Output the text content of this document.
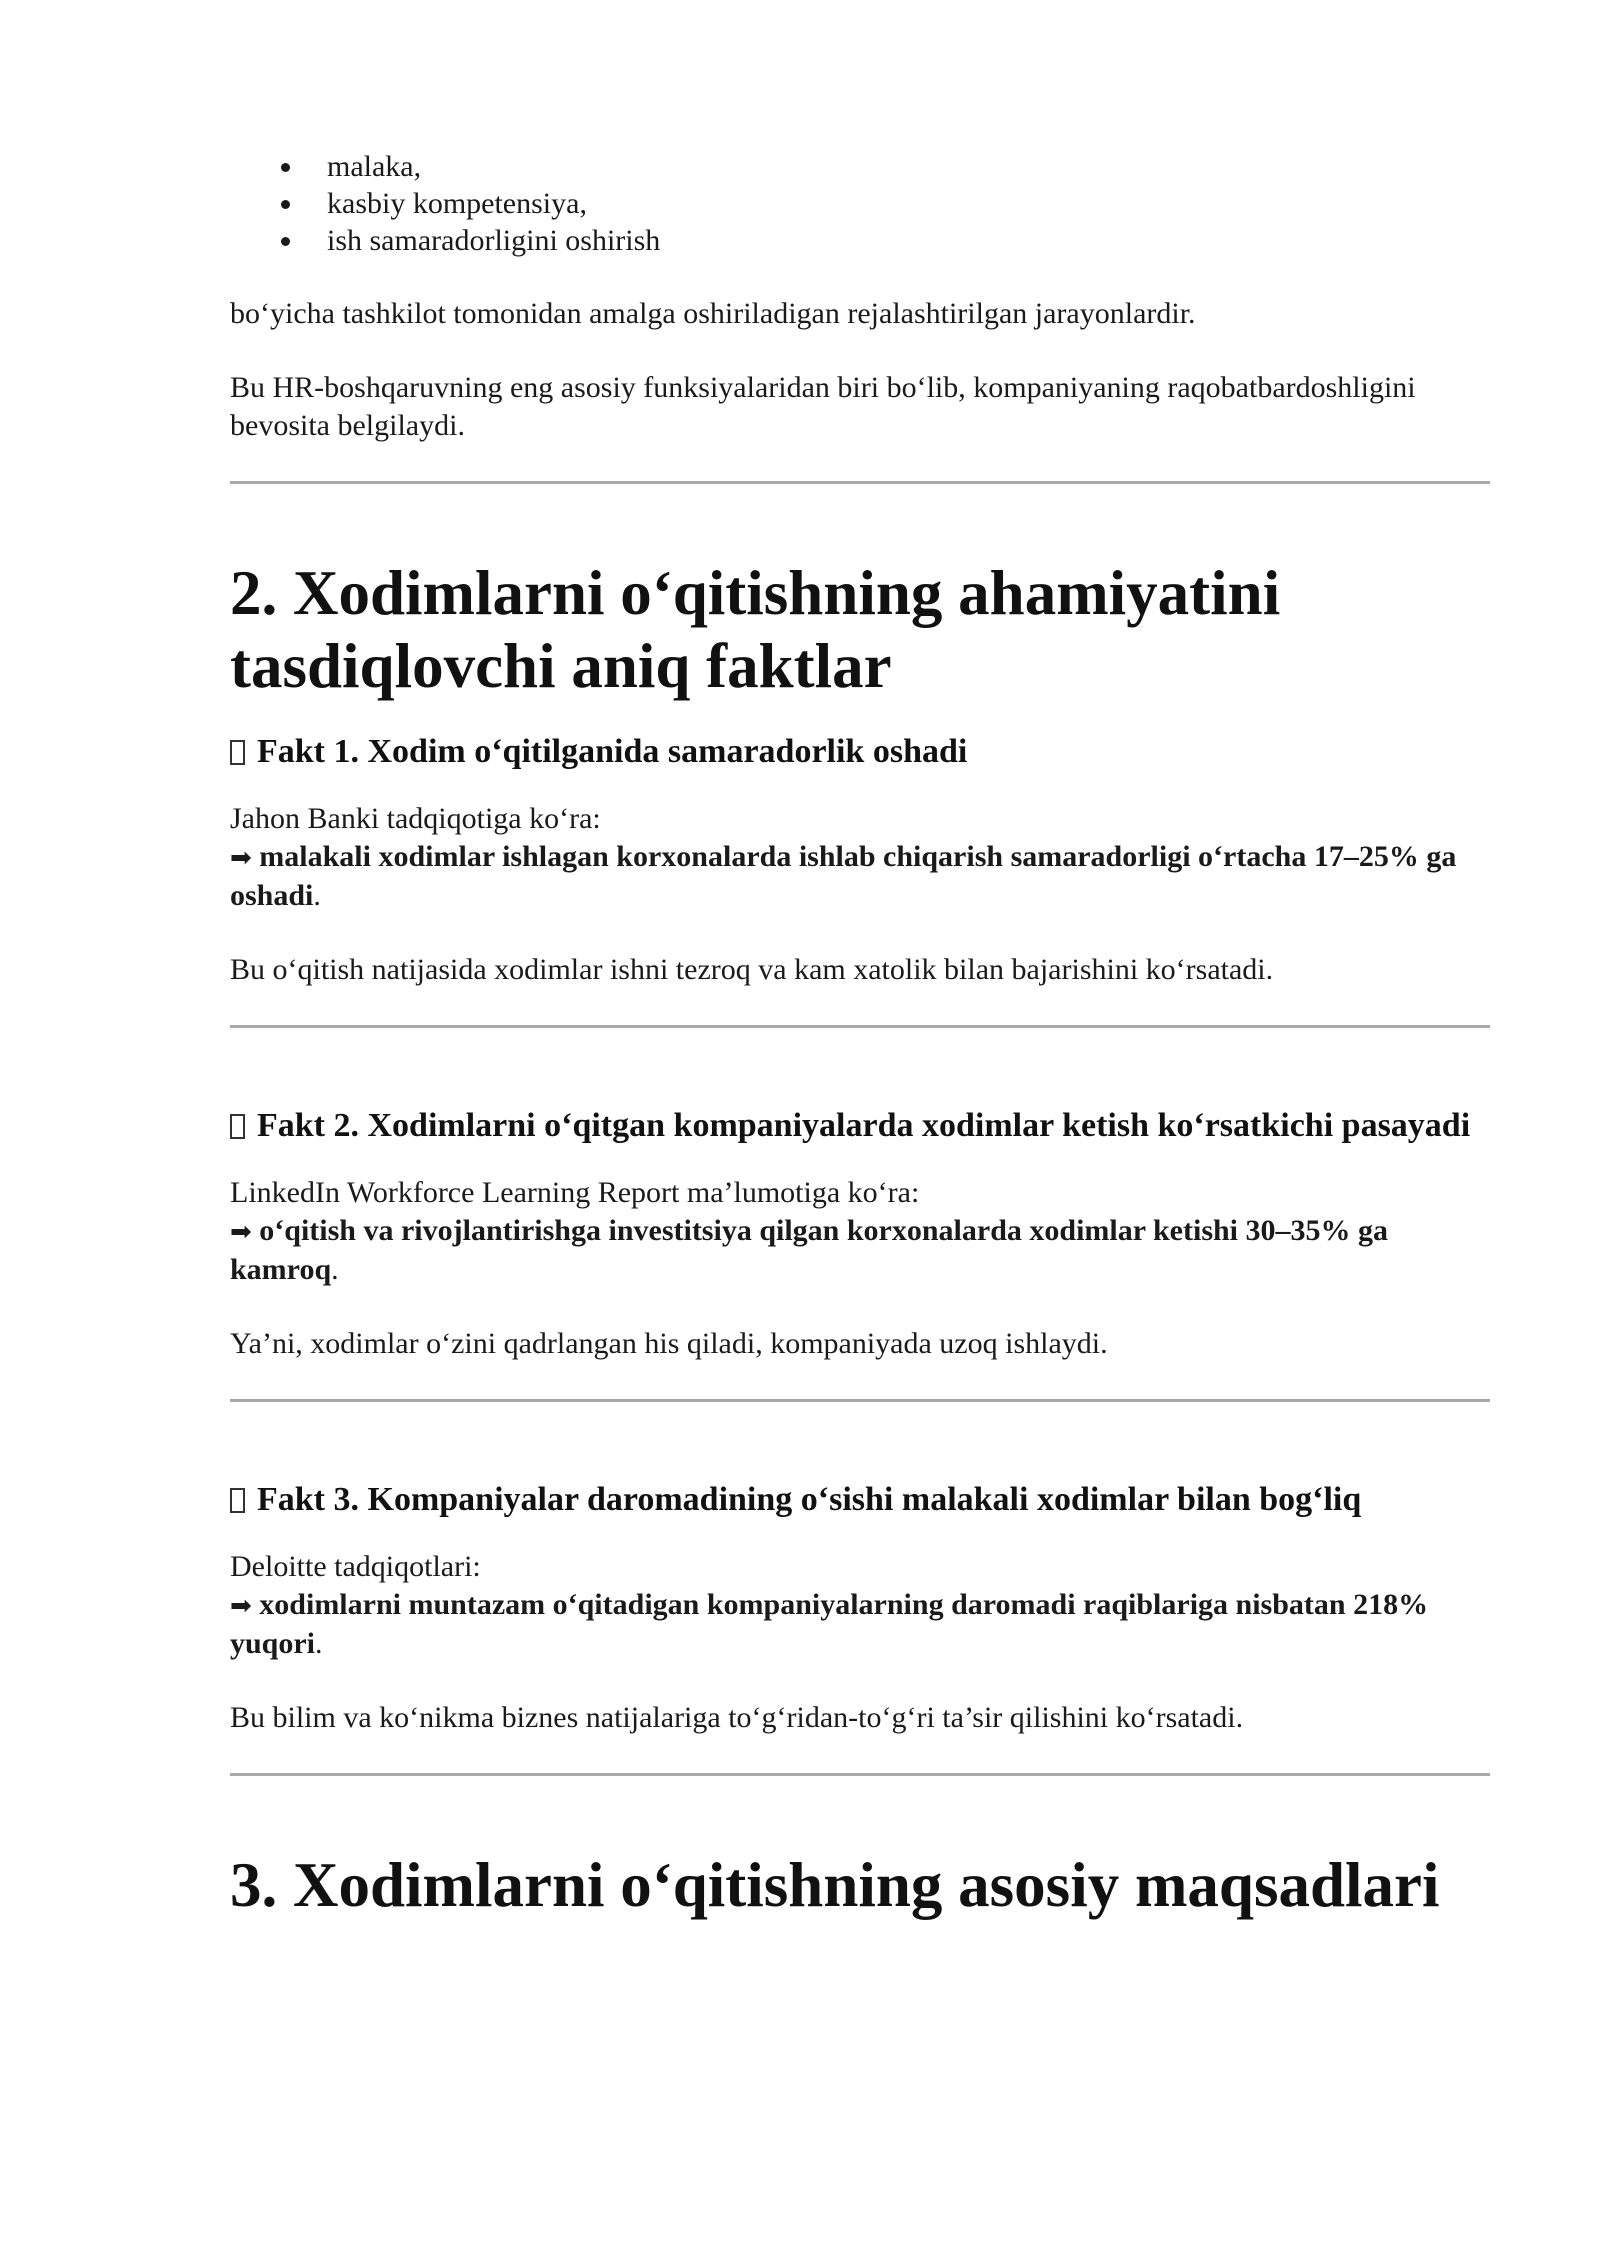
malaka,
kasbiy kompetensiya,
ish samaradorligini oshirish

bo‘yicha tashkilot tomonidan amalga oshiriladigan rejalashtirilgan jarayonlardir.

Bu HR-boshqaruvning eng asosiy funksiyalaridan biri bo‘lib, kompaniyaning raqobatbardoshligini bevosita belgilaydi.

2. Xodimlarni o‘qitishning ahamiyatini tasdiqlovchi aniq faktlar
Fakt 1. Xodim o‘qitilganida samaradorlik oshadi

Jahon Banki tadqiqotiga ko‘ra:

➡ malakali xodimlar ishlagan korxonalarda ishlab chiqarish samaradorligi o‘rtacha 17–25% ga oshadi.

Bu o‘qitish natijasida xodimlar ishni tezroq va kam xatolik bilan bajarishini ko‘rsatadi.

Fakt 2. Xodimlarni o‘qitgan kompaniyalarda xodimlar ketish ko‘rsatkichi pasayadi

LinkedIn Workforce Learning Report ma’lumotiga ko‘ra:

➡ o‘qitish va rivojlantirishga investitsiya qilgan korxonalarda xodimlar ketishi 30–35% ga kamroq.

Ya’ni, xodimlar o‘zini qadrlangan his qiladi, kompaniyada uzoq ishlaydi.

Fakt 3. Kompaniyalar daromadining o‘sishi malakali xodimlar bilan bog‘liq

Deloitte tadqiqotlari:

➡ xodimlarni muntazam o‘qitadigan kompaniyalarning daromadi raqiblariga nisbatan 218% yuqori.

Bu bilim va ko‘nikma biznes natijalariga to‘g‘ridan-to‘g‘ri ta’sir qilishini ko‘rsatadi.

3. Xodimlarni o‘qitishning asosiy maqsadlari
